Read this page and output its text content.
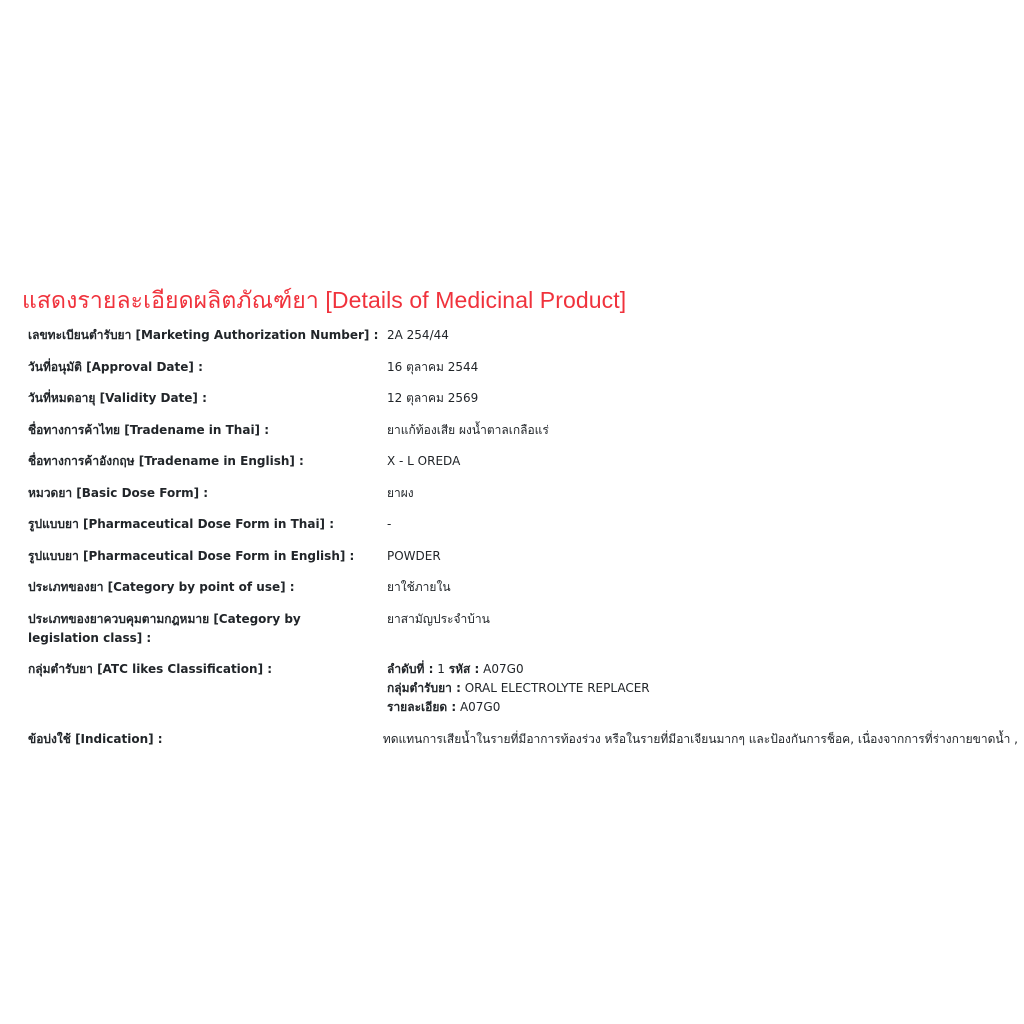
แสดงรายละเอียดผลิตภัณฑ์ยา [Details of Medicinal Product]
เลขทะเบียนตำรับยา [Marketing Authorization Number] : 2A 254/44
วันที่อนุมัติ [Approval Date] :	16 ตุลาคม 2544
วันที่หมดอายุ [Validity Date] :	12 ตุลาคม 2569
ชื่อทางการค้าไทย [Tradename in Thai] :	ยาแก้ท้องเสีย ผงน้ำตาลเกลือแร่
ชื่อทางการค้าอังกฤษ [Tradename in English] :	X - L OREDA
หมวดยา [Basic Dose Form] :	ยาผง
รูปแบบยา [Pharmaceutical Dose Form in Thai] :	-
รูปแบบยา [Pharmaceutical Dose Form in English] :	POWDER
ประเภทของยา [Category by point of use] :	ยาใช้ภายใน
ประเภทของยาควบคุมตามกฎหมาย [Category by legislation class] :
ยาสามัญประจำบ้าน
กลุ่มตำรับยา [ATC likes Classification] :	ลำดับที่ : 1 รหัส : A07G0
กลุ่มตำรับยา : ORAL ELECTROLYTE REPLACER
รายละเอียด : A07G0
ข้อบ่งใช้ [Indication] :	ทดแทนการเสียน้ำในรายที่มีอาการท้องร่วง หรือในรายที่มีอาเจียนมากๆ และป้องกันการช็อค, เนื่องจากการที่ร่างกายขาดน้ำ ,
